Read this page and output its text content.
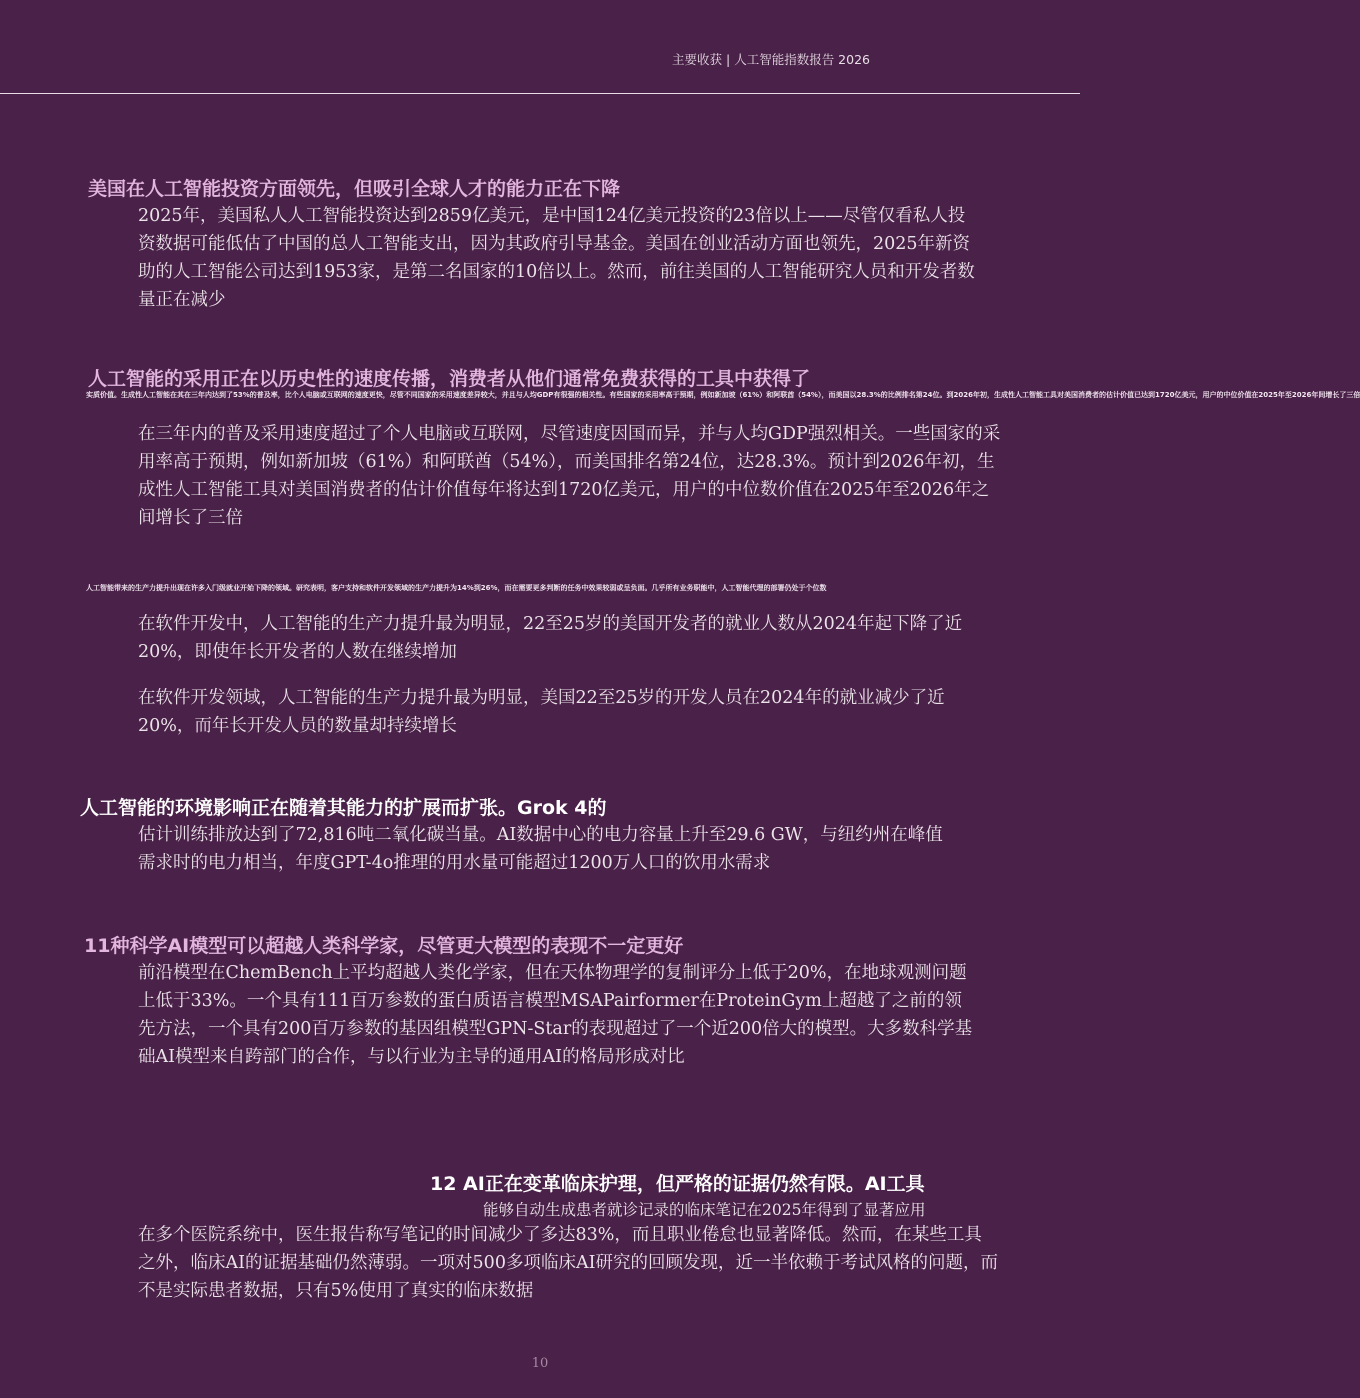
主要收获 | 人工智能指数报告 2026
美国在人工智能投资方面领先，但吸引全球人才的能力正在下降
2025年，美国私人人工智能投资达到2859亿美元，是中国124亿美元投资的23倍以上——尽管仅看私人投资数据可能低估了中国的总人工智能支出，因为其政府引导基金。美国在创业活动方面也领先，2025年新资助的人工智能公司达到1953家，是第二名国家的10倍以上。然而，前往美国的人工智能研究人员和开发者数量正在减少
人工智能的采用正在以历史性的速度传播，消费者从他们通常免费获得的工具中获得了
实质价值。生成性人工智能在其在三年内达到了53%的普及率，比个人电脑或互联网的速度更快，尽管不同国家的采用速度差异较大，并且与人均GDP有很强的相关性。有些国家的采用率高于预期，例如新加坡（61%）和阿联酋（54%），而美国以28.3%的比例排名第24位。到2026年初，生成性人工智能工具对美国消费者的估计价值已达到1720亿美元，用户的中位价值在2025年至2026年间增长了三倍
在三年内的普及采用速度超过了个人电脑或互联网，尽管速度因国而异，并与人均GDP强烈相关。一些国家的采用率高于预期，例如新加坡（61%）和阿联酋（54%），而美国排名第24位，达28.3%。预计到2026年初，生成性人工智能工具对美国消费者的估计价值每年将达到1720亿美元，用户的中位数价值在2025年至2026年之间增长了三倍
人工智能带来的生产力提升出现在许多入门级就业开始下降的领域。研究表明，客户支持和软件开发领域的生产力提升为14%到26%，而在需要更多判断的任务中效果较弱或呈负面。几乎所有业务职能中，人工智能代理的部署仍处于个位数
在软件开发中，人工智能的生产力提升最为明显，22至25岁的美国开发者的就业人数从2024年起下降了近20%，即使年长开发者的人数在继续增加
在软件开发领域，人工智能的生产力提升最为明显，美国22至25岁的开发人员在2024年的就业减少了近20%，而年长开发人员的数量却持续增长
人工智能的环境影响正在随着其能力的扩展而扩张。Grok 4的
估计训练排放达到了72,816吨二氧化碳当量。AI数据中心的电力容量上升至29.6 GW，与纽约州在峰值需求时的电力相当，年度GPT-4o推理的用水量可能超过1200万人口的饮用水需求
11种科学AI模型可以超越人类科学家，尽管更大模型的表现不一定更好
前沿模型在ChemBench上平均超越人类化学家，但在天体物理学的复制评分上低于20%，在地球观测问题上低于33%。一个具有111百万参数的蛋白质语言模型MSAPairformer在ProteinGym上超越了之前的领先方法，一个具有200百万参数的基因组模型GPN-Star的表现超过了一个近200倍大的模型。大多数科学基础AI模型来自跨部门的合作，与以行业为主导的通用AI的格局形成对比
12 AI正在变革临床护理，但严格的证据仍然有限。AI工具
能够自动生成患者就诊记录的临床笔记在2025年得到了显著应用
在多个医院系统中，医生报告称写笔记的时间减少了多达83%，而且职业倦怠也显著降低。然而，在某些工具之外，临床AI的证据基础仍然薄弱。一项对500多项临床AI研究的回顾发现，近一半依赖于考试风格的问题，而不是实际患者数据，只有5%使用了真实的临床数据
10
